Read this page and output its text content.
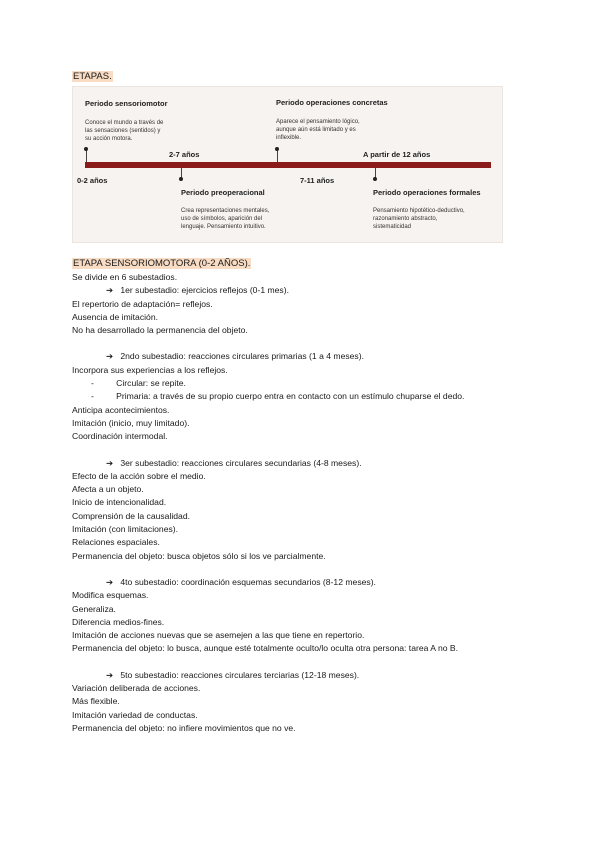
ETAPAS.
Periodo sensoriomotor
Conoce el mundo a través de
las sensaciones (sentidos) y
su acción motora.
Periodo operaciones concretas
Aparece el pensamiento lógico,
aunque aún está limitado y es
inflexible.
2-7 años	A partir de 12 años
0-2 años	7-11 años
Periodo preoperacional
Crea representaciones mentales,
uso de símbolos, aparición del
lenguaje. Pensamiento intuitivo.
Periodo operaciones formales
Pensamiento hipotético-deductivo,
razonamiento abstracto,
sistematicidad
ETAPA SENSORIOMOTORA (0-2 AÑOS).
Se divide en 6 subestadios.
➔ 1er subestadio: ejercicios reflejos (0-1 mes).
El repertorio de adaptación= reflejos.
Ausencia de imitación.
No ha desarrollado la permanencia del objeto.
➔ 2ndo subestadio: reacciones circulares primarias (1 a 4 meses).
Incorpora sus experiencias a los reflejos.
-	Circular: se repite.
-	Primaria: a través de su propio cuerpo entra en contacto con un estímulo chuparse el dedo.
Anticipa acontecimientos.
Imitación (inicio, muy limitado).
Coordinación intermodal.
➔ 3er subestadio: reacciones circulares secundarias (4-8 meses).
Efecto de la acción sobre el medio.
Afecta a un objeto.
Inicio de intencionalidad.
Comprensión de la causalidad.
Imitación (con limitaciones).
Relaciones espaciales.
Permanencia del objeto: busca objetos sólo si los ve parcialmente.
➔ 4to subestadio: coordinación esquemas secundarios (8-12 meses).
Modifica esquemas.
Generaliza.
Diferencia medios-fines.
Imitación de acciones nuevas que se asemejen a las que tiene en repertorio.
Permanencia del objeto: lo busca, aunque esté totalmente oculto/lo oculta otra persona: tarea A no B.
➔ 5to subestadio: reacciones circulares terciarias (12-18 meses).
Variación deliberada de acciones.
Más flexible.
Imitación variedad de conductas.
Permanencia del objeto: no infiere movimientos que no ve.
